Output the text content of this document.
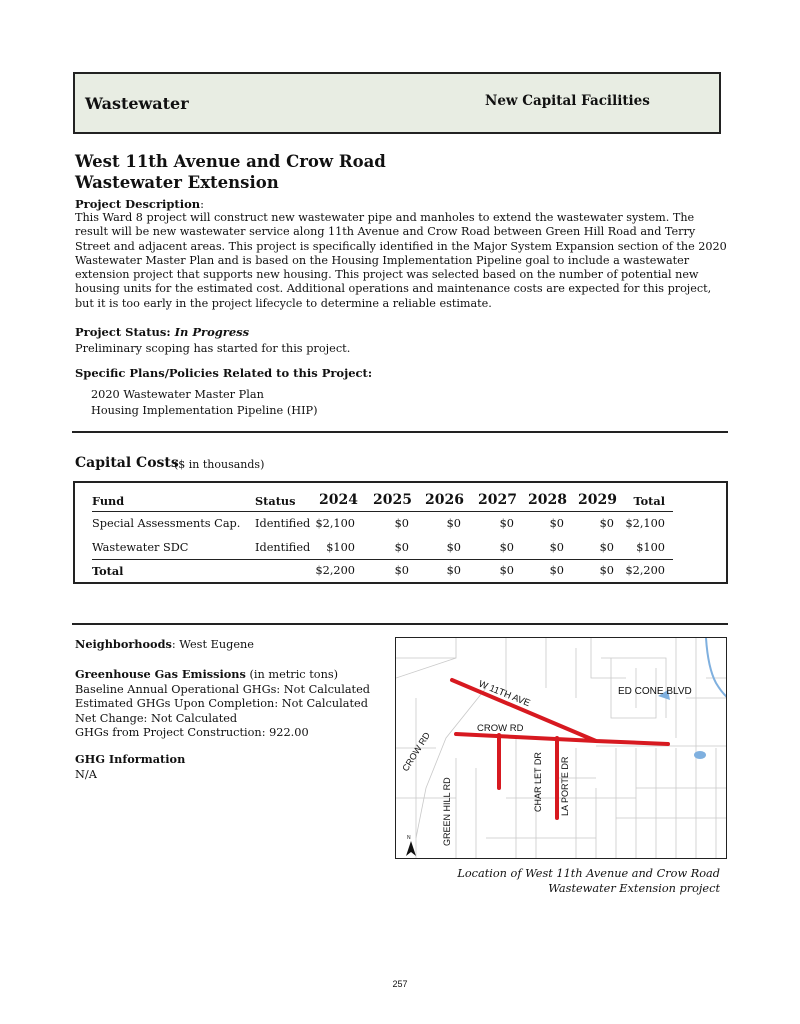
Wastewater	New Capital Facilities
West 11th Avenue and Crow Road Wastewater Extension
Project Description:
This Ward 8 project will construct new wastewater pipe and manholes to extend the wastewater system. The result will be new wastewater service along 11th Avenue and Crow Road between Green Hill Road and Terry Street and adjacent areas. This project is specifically identified in the Major System Expansion section of the 2020 Wastewater Master Plan and is based on the Housing Implementation Pipeline goal to include a wastewater extension project that supports new housing. This project was selected based on the number of potential new housing units for the estimated cost. Additional operations and maintenance costs are expected for this project, but it is too early in the project lifecycle to determine a reliable estimate.
Project Status: In Progress
Preliminary scoping has started for this project.
Specific Plans/Policies Related to this Project:
2020 Wastewater Master Plan
Housing Implementation Pipeline (HIP)
Capital Costs
($ in thousands)
Fund	Status 2024 2025 2026 2027 2028 2029 Total
Special Assessments Cap. Identified $2,100	$0	$0	$0	$0	$0 $2,100
Wastewater SDC	Identified $100	$0	$0	$0	$0	$0 $100
Total	$2,200	$0	$0	$0	$0	$0 $2,200
Neighborhoods: West Eugene
Greenhouse Gas Emissions (in metric tons)
Baseline Annual Operational GHGs: Not Calculated
Estimated GHGs Upon Completion: Not Calculated
Net Change: Not Calculated
GHGs from Project Construction: 922.00
GHG Information
N/A
W 11TH AVE	ED CONE BLVD
CROW RD
CROW RD
GREEN HILL RD	CHAR LET DR LA PORTE DR
N
Location of West 11th Avenue and Crow Road Wastewater Extension project
257
